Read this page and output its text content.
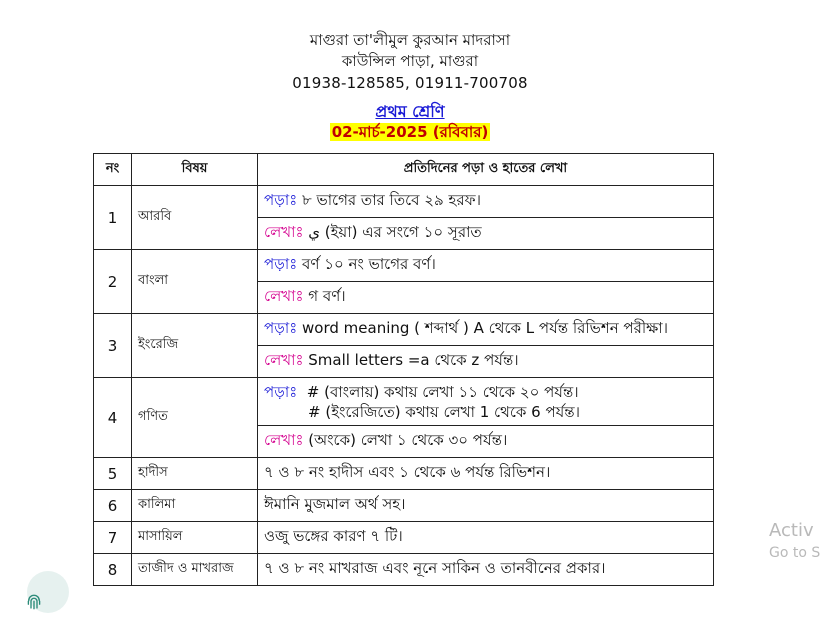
মাগুরা তা'লীমুল কুরআন মাদরাসা
কাউন্সিল পাড়া, মাগুরা
01938-128585, 01911-700708
প্রথম শ্রেণি
02-মার্চ-2025 (রবিবার)
নং	বিষয়	প্রতিদিনের পড়া ও হাতের লেখা
1	আরবি	পড়াঃ ৮ ভাগের তার তিবে ২৯ হরফ।
		লেখাঃ ي (ইয়া) এর সংগে ১০ সূরাত
2	বাংলা	পড়াঃ বর্ণ ১০ নং ভাগের বর্ণ।
		লেখাঃ গ বর্ণ।
3	ইংরেজি	পড়াঃ word meaning ( শব্দার্থ ) A থেকে L পর্যন্ত রিভিশন পরীক্ষা।
		লেখাঃ Small letters =a থেকে z পর্যন্ত।
4	গণিত	পড়াঃ # (বাংলায়) কথায় লেখা ১১ থেকে ২০ পর্যন্ত।
# (ইংরেজিতে) কথায় লেখা 1 থেকে 6 পর্যন্ত।

		লেখাঃ (অংকে) লেখা ১ থেকে ৩০ পর্যন্ত।
5	হাদীস	৭ ও ৮ নং হাদীস এবং ১ থেকে ৬ পর্যন্ত রিভিশন।
6	কালিমা	ঈমানি মুজমাল অর্থ সহ।
7	মাসায়িল	ওজু ভঙ্গের কারণ ৭ টি।
8	তাজীদ ও মাখরাজ	৭ ও ৮ নং মাখরাজ এবং নূনে সাকিন ও তানবীনের প্রকার।
Activ
Go to S
